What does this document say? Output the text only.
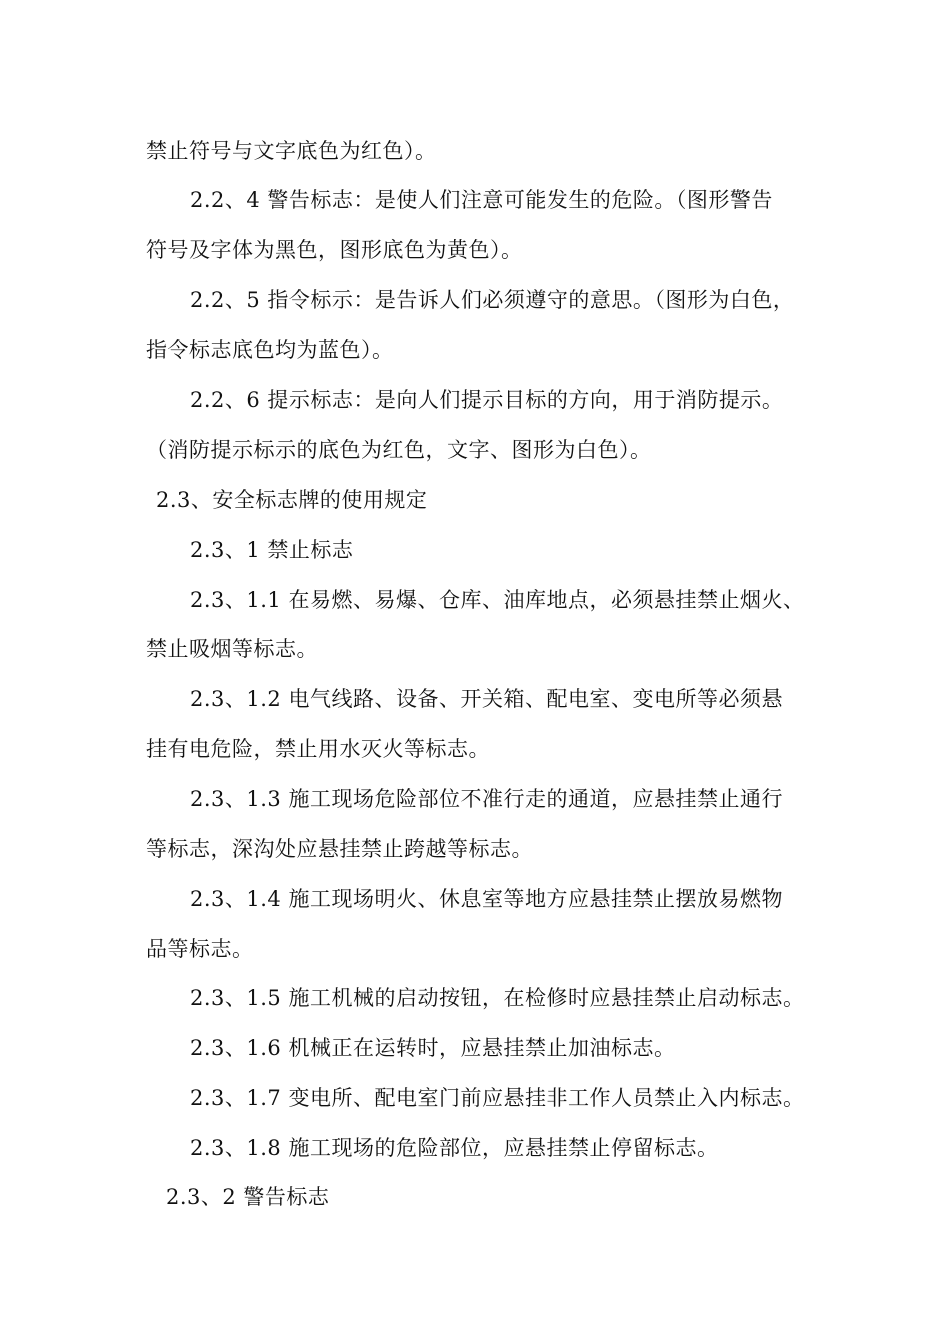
禁止符号与文字底色为红色）。
2.2、4 警告标志：是使人们注意可能发生的危险。（图形警告
符号及字体为黑色，图形底色为黄色）。
2.2、5 指令标示：是告诉人们必须遵守的意思。（图形为白色，
指令标志底色均为蓝色）。
2.2、6 提示标志：是向人们提示目标的方向，用于消防提示。
（消防提示标示的底色为红色，文字、图形为白色）。
2.3、安全标志牌的使用规定
2.3、1 禁止标志
2.3、1.1 在易燃、易爆、仓库、油库地点，必须悬挂禁止烟火、
禁止吸烟等标志。
2.3、1.2 电气线路、设备、开关箱、配电室、变电所等必须悬
挂有电危险，禁止用水灭火等标志。
2.3、1.3 施工现场危险部位不准行走的通道，应悬挂禁止通行
等标志，深沟处应悬挂禁止跨越等标志。
2.3、1.4 施工现场明火、休息室等地方应悬挂禁止摆放易燃物
品等标志。
2.3、1.5 施工机械的启动按钮，在检修时应悬挂禁止启动标志。
2.3、1.6 机械正在运转时，应悬挂禁止加油标志。
2.3、1.7 变电所、配电室门前应悬挂非工作人员禁止入内标志。
2.3、1.8 施工现场的危险部位，应悬挂禁止停留标志。
2.3、2 警告标志
